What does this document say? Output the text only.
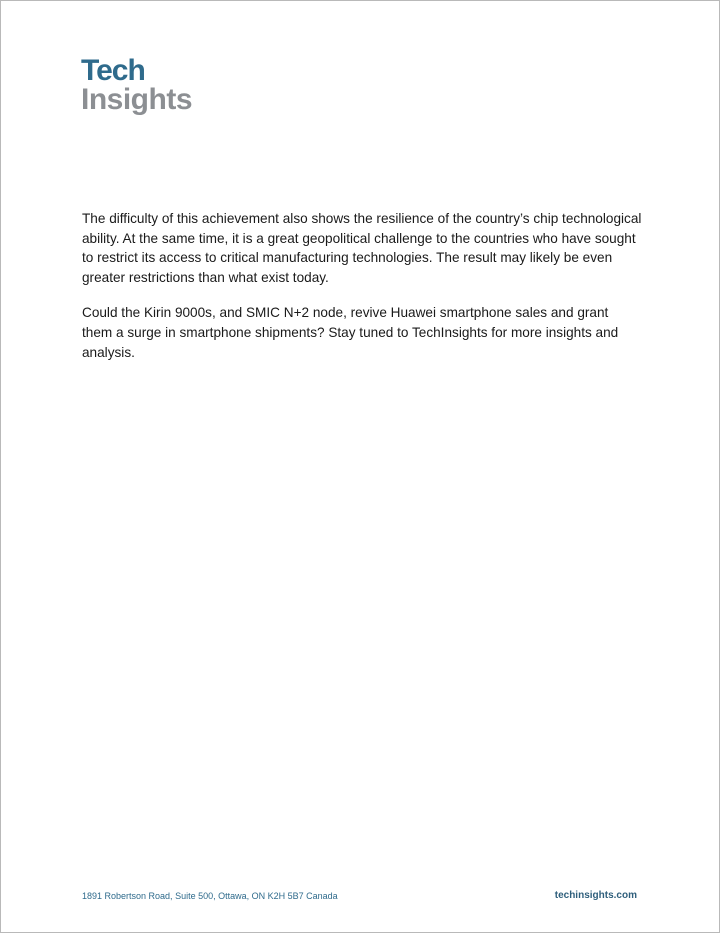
Tech
Insights

The difficulty of this achievement also shows the resilience of the country’s chip technological ability. At the same time, it is a great geopolitical challenge to the countries who have sought to restrict its access to critical manufacturing technologies. The result may likely be even greater restrictions than what exist today.

Could the Kirin 9000s, and SMIC N+2 node, revive Huawei smartphone sales and grant them a surge in smartphone shipments? Stay tuned to TechInsights for more insights and analysis.

1891 Robertson Road, Suite 500, Ottawa, ON K2H 5B7 Canada	techinsights.com
